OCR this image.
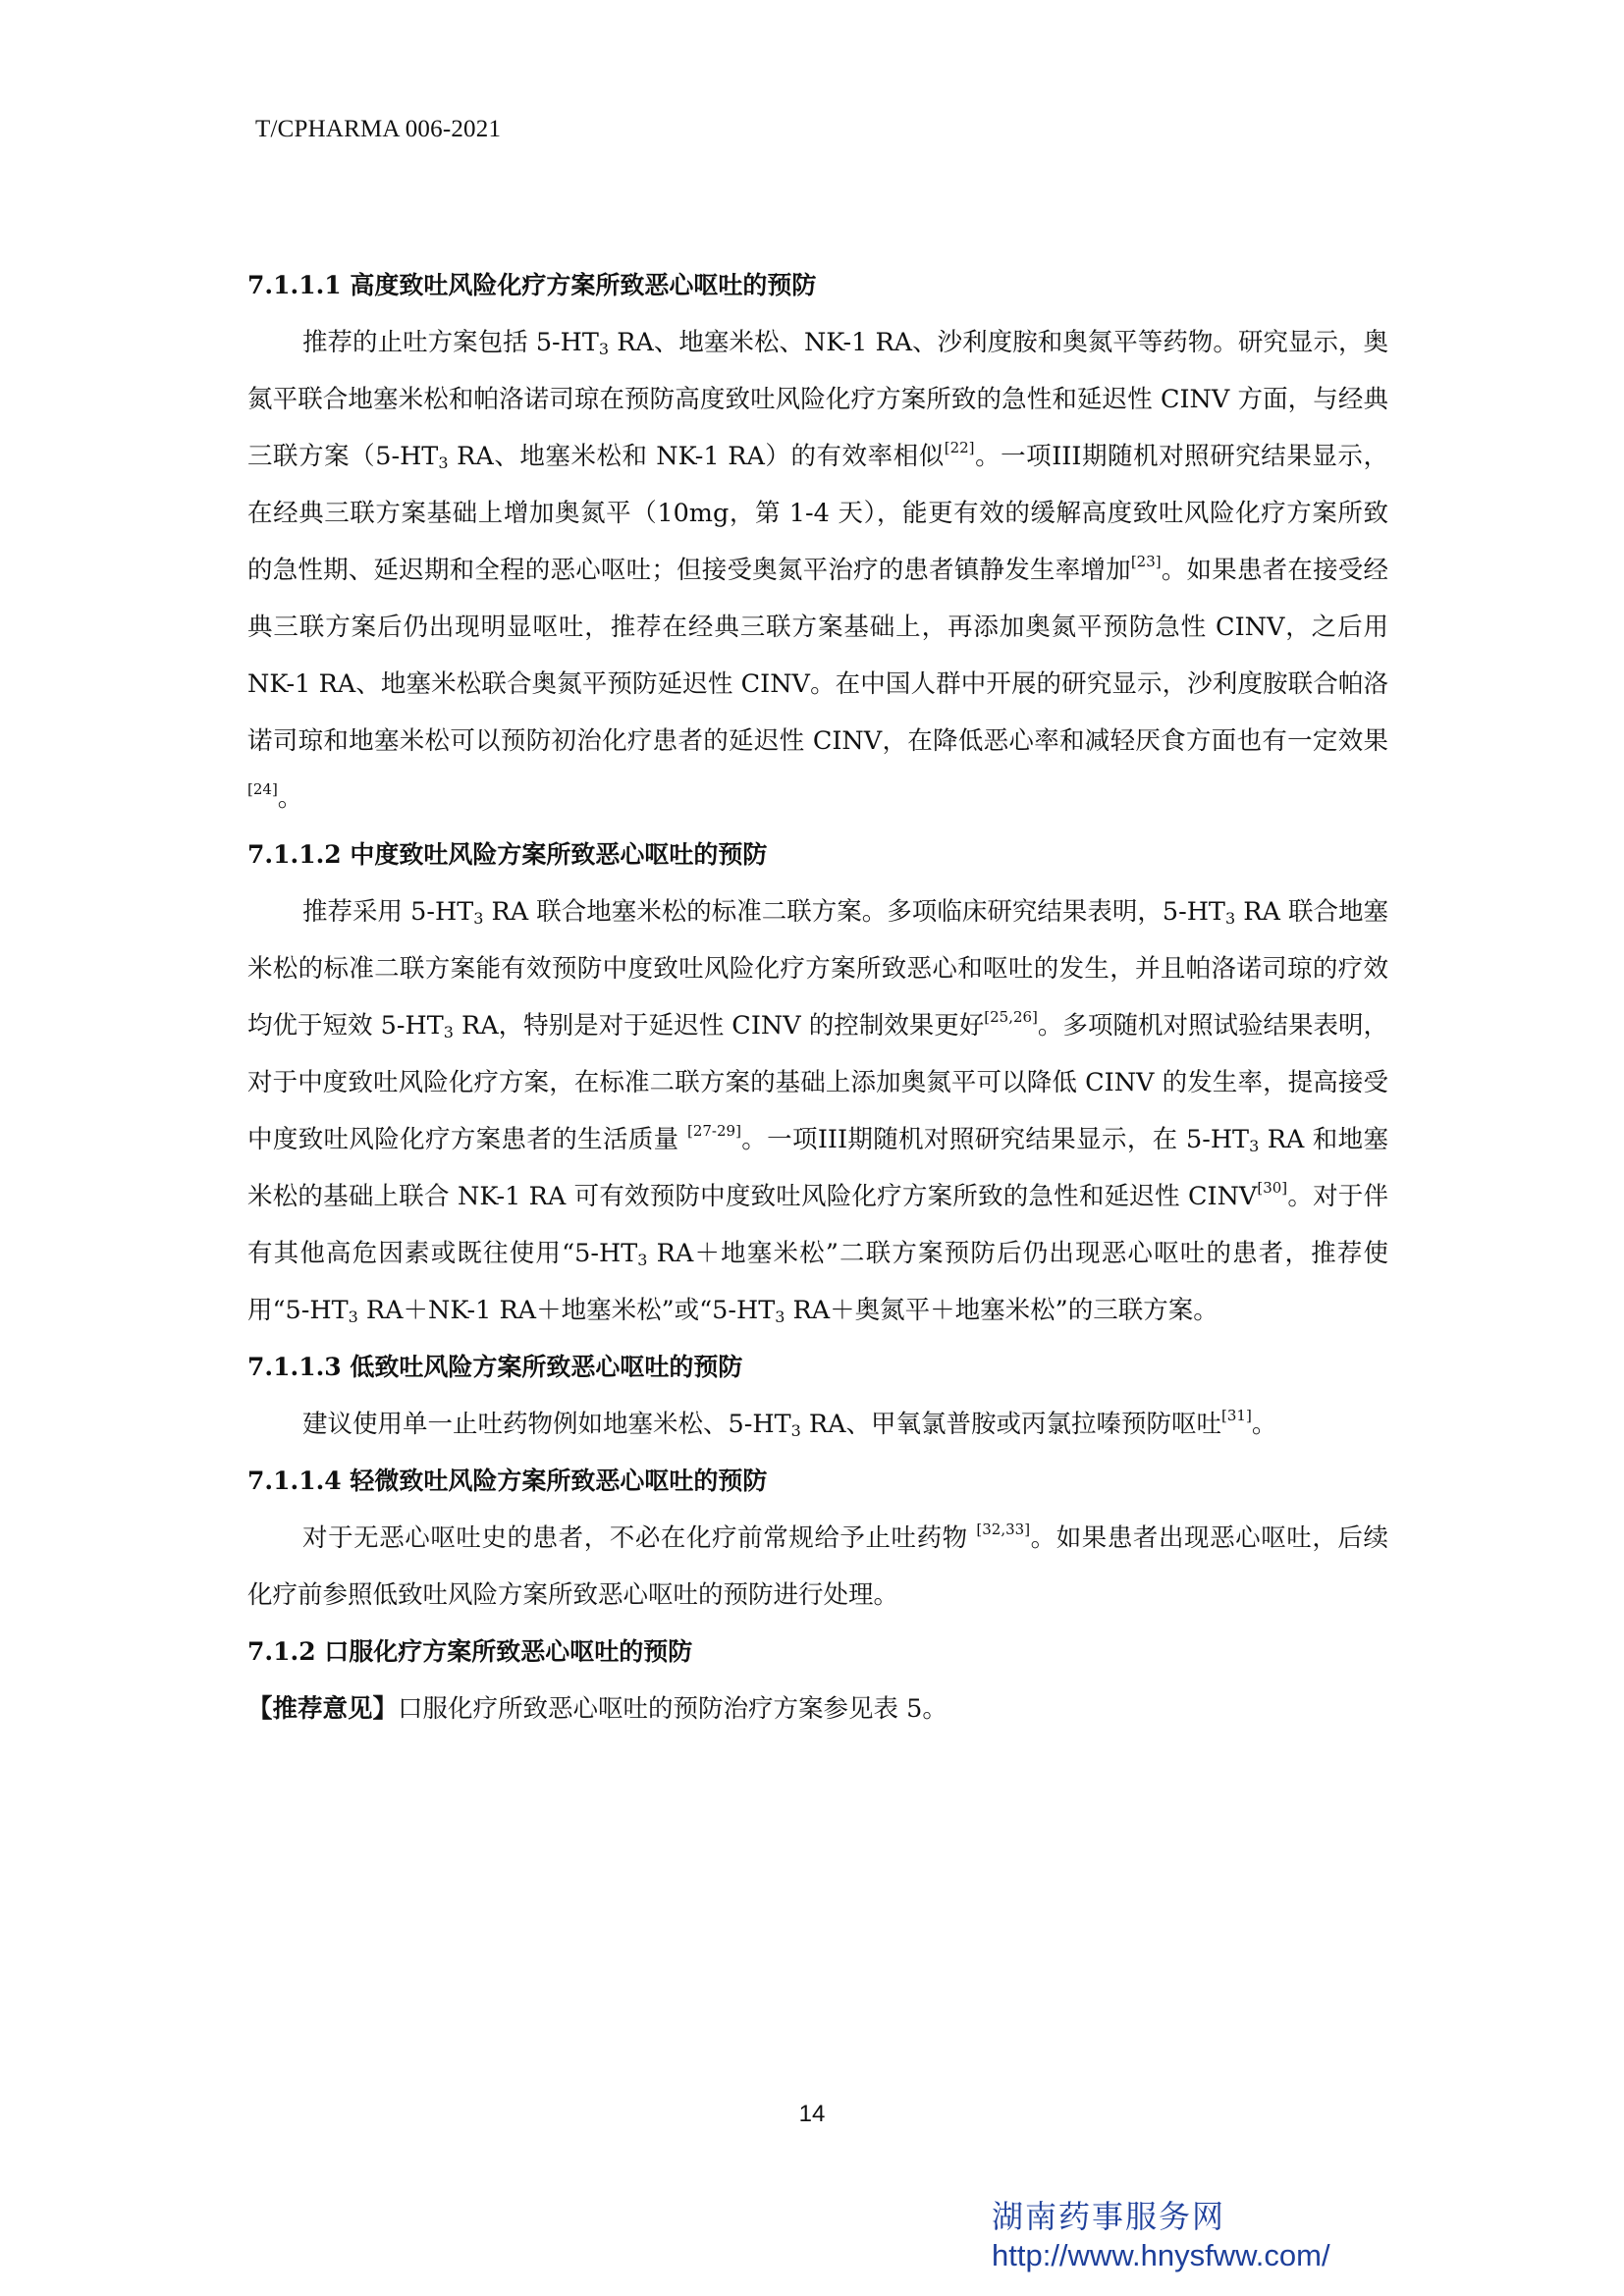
T/CPHARMA 006-2021
7.1.1.1 高度致吐风险化疗方案所致恶心呕吐的预防

推荐的止吐方案包括 $5-HT_3$ RA、地塞米松、NK-1 RA、沙利度胺和奥氮平等药物。研究显示，奥氮平联合地塞米松和帕洛诺司琼在预防高度致吐风险化疗方案所致的急性和延迟性 CINV 方面，与经典三联方案（$5-HT_3$ RA、地塞米松和 NK-1 RA）的有效率相似[22]。一项III期随机对照研究结果显示，在经典三联方案基础上增加奥氮平（10mg，第 1-4 天），能更有效的缓解高度致吐风险化疗方案所致的急性期、延迟期和全程的恶心呕吐；但接受奥氮平治疗的患者镇静发生率增加[23]。如果患者在接受经典三联方案后仍出现明显呕吐，推荐在经典三联方案基础上，再添加奥氮平预防急性 CINV，之后用 NK-1 RA、地塞米松联合奥氮平预防延迟性 CINV。在中国人群中开展的研究显示，沙利度胺联合帕洛诺司琼和地塞米松可以预防初治化疗患者的延迟性 CINV，在降低恶心率和减轻厌食方面也有一定效果[24]。

7.1.1.2 中度致吐风险方案所致恶心呕吐的预防

推荐采用 $5-HT_3$ RA 联合地塞米松的标准二联方案。多项临床研究结果表明，$5-HT_3$ RA 联合地塞米松的标准二联方案能有效预防中度致吐风险化疗方案所致恶心和呕吐的发生，并且帕洛诺司琼的疗效均优于短效 $5-HT_3$ RA，特别是对于延迟性 CINV 的控制效果更好[25,26]。多项随机对照试验结果表明，对于中度致吐风险化疗方案，在标准二联方案的基础上添加奥氮平可以降低 CINV 的发生率，提高接受中度致吐风险化疗方案患者的生活质量 [27-29]。一项III期随机对照研究结果显示，在 $5-HT_3$ RA 和地塞米松的基础上联合 NK-1 RA 可有效预防中度致吐风险化疗方案所致的急性和延迟性 CINV[30]。对于伴有其他高危因素或既往使用“$5-HT_3$ RA＋地塞米松”二联方案预防后仍出现恶心呕吐的患者，推荐使用“$5-HT_3$ RA＋NK-1 RA＋地塞米松”或“$5-HT_3$ RA＋奥氮平＋地塞米松”的三联方案。

7.1.1.3 低致吐风险方案所致恶心呕吐的预防

建议使用单一止吐药物例如地塞米松、$5-HT_3$ RA、甲氧氯普胺或丙氯拉嗪预防呕吐[31]。

7.1.1.4 轻微致吐风险方案所致恶心呕吐的预防

对于无恶心呕吐史的患者，不必在化疗前常规给予止吐药物 [32,33]。如果患者出现恶心呕吐，后续化疗前参照低致吐风险方案所致恶心呕吐的预防进行处理。

7.1.2 口服化疗方案所致恶心呕吐的预防

【推荐意见】口服化疗所致恶心呕吐的预防治疗方案参见表 5。

14
湖南药事服务网
http://www.hnysfww.com/
